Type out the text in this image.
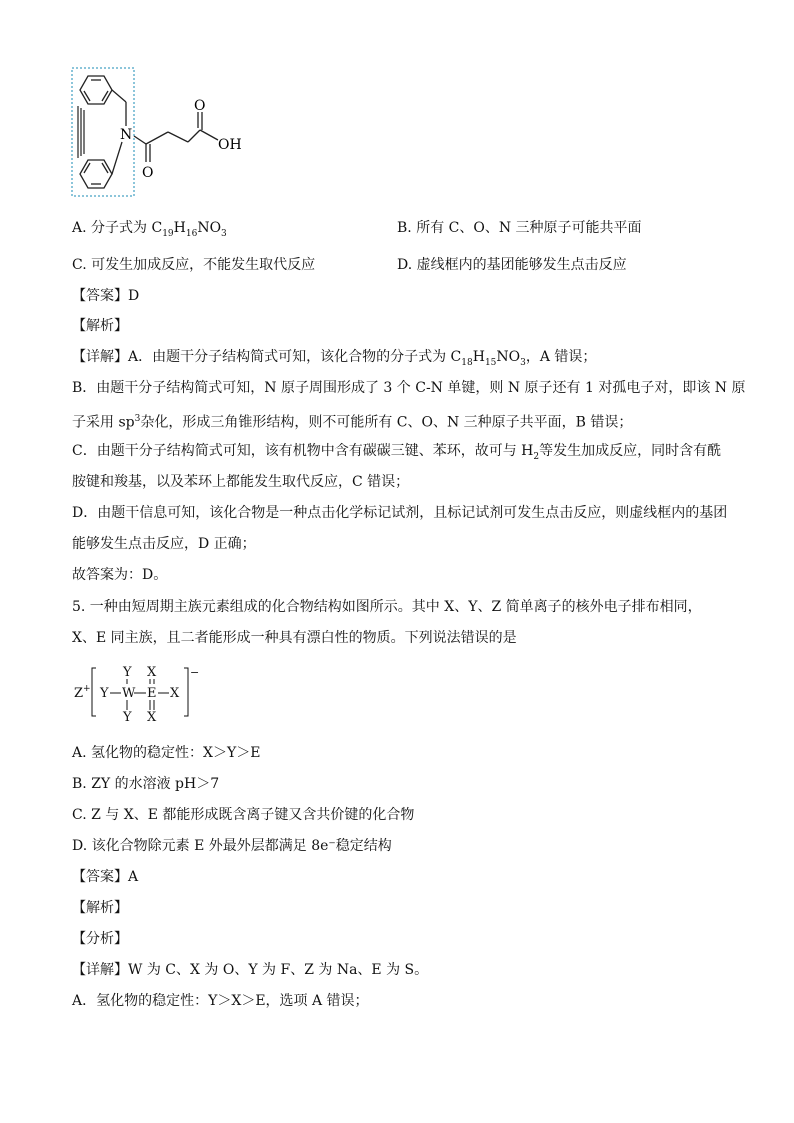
N
O
OH
O
A. 分子式为 $C_{19}H_{16}NO_3$	B. 所有 C、O、N 三种原子可能共平面
C. 可发生加成反应，不能发生取代反应	D. 虚线框内的基团能够发生点击反应
【答案】D
【解析】
【详解】A．由题干分子结构简式可知，该化合物的分子式为 $C_{18}H_{15}NO_3$，A 错误；
B．由题干分子结构简式可知，N 原子周围形成了 3 个 C-N 单键，则 N 原子还有 1 对孤电子对，即该 N 原
子采用 $sp^3$杂化，形成三角锥形结构，则不可能所有 C、O、N 三种原子共平面，B 错误；
C．由题干分子结构简式可知，该有机物中含有碳碳三键、苯环，故可与 $H_2$等发生加成反应，同时含有酰
胺键和羧基，以及苯环上都能发生取代反应，C 错误；
D．由题干信息可知，该化合物是一种点击化学标记试剂，且标记试剂可发生点击反应，则虚线框内的基团
能够发生点击反应，D 正确；
故答案为：D。
5. 一种由短周期主族元素组成的化合物结构如图所示。其中 X、Y、Z 简单离子的核外电子排布相同，
X、E 同主族，且二者能形成一种具有漂白性的物质。下列说法错误的是
Z +
Y
Y
Y
W E
X
X
X
−
A. 氢化物的稳定性：X＞Y＞E
B. ZY 的水溶液 pH＞7
C. Z 与 X、E 都能形成既含离子键又含共价键的化合物
D. 该化合物除元素 E 外最外层都满足 8e⁻稳定结构
【答案】A
【解析】
【分析】
【详解】W 为 C、X 为 O、Y 为 F、Z 为 Na、E 为 S。
A．氢化物的稳定性：Y＞X＞E，选项 A 错误；
